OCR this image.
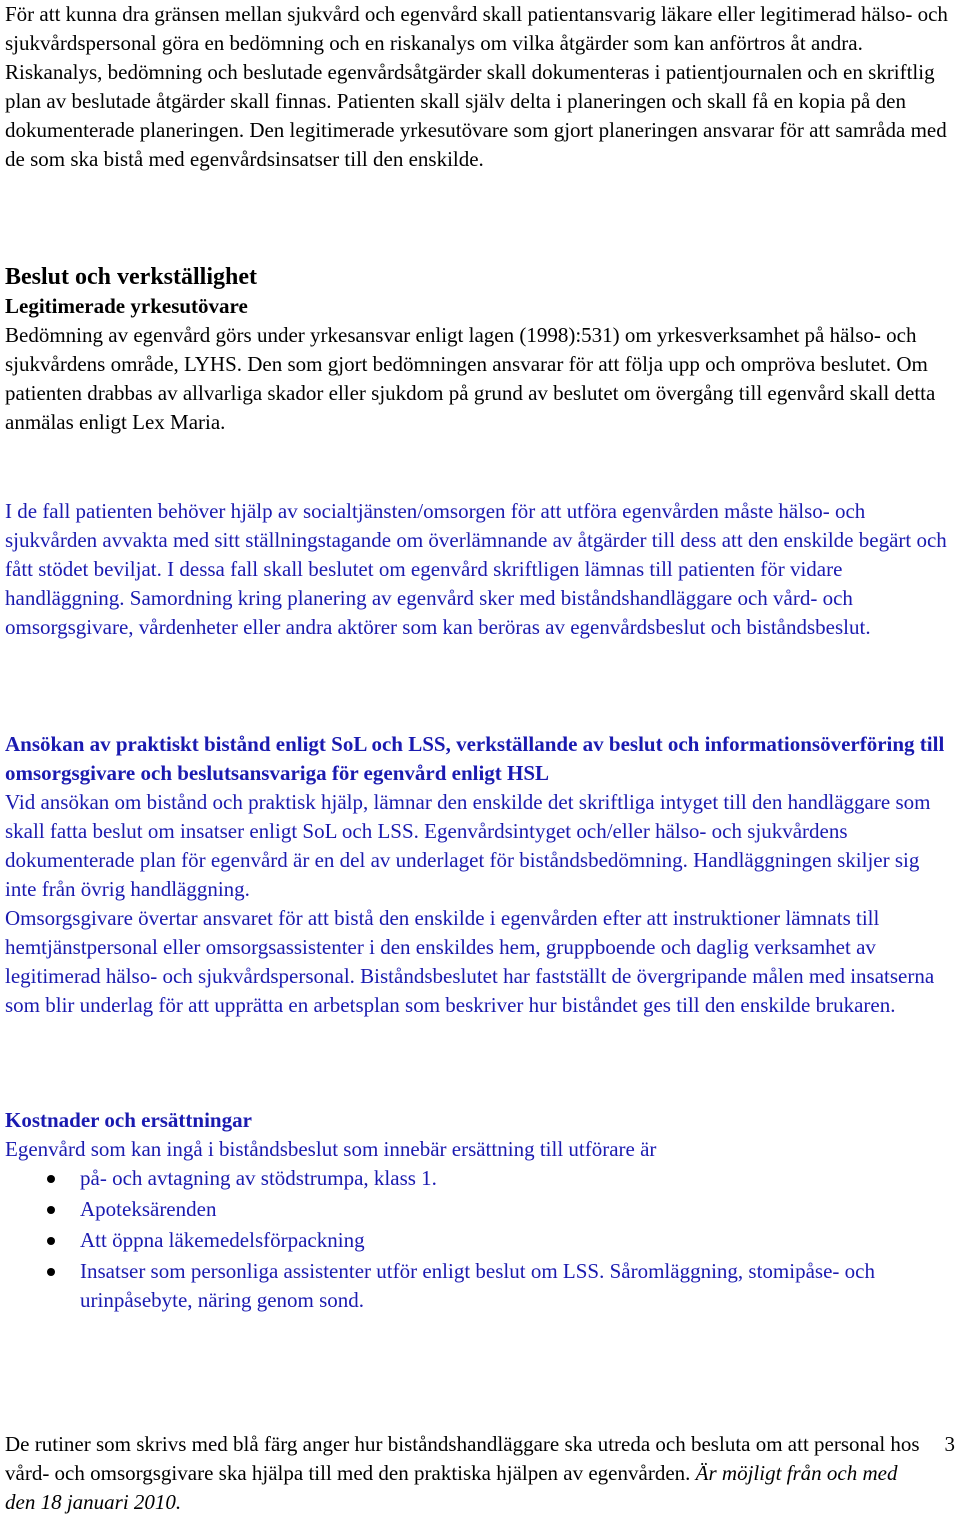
För att kunna dra gränsen mellan sjukvård och egenvård skall patientansvarig läkare eller legitimerad hälso- och sjukvårdspersonal göra en bedömning och en riskanalys om vilka åtgärder som kan anförtros åt andra. Riskanalys, bedömning och beslutade egenvårdsåtgärder skall dokumenteras i patientjournalen och en skriftlig plan av beslutade åtgärder skall finnas. Patienten skall själv delta i planeringen och skall få en kopia på den dokumenterade planeringen. Den legitimerade yrkesutövare som gjort planeringen ansvarar för att samråda med de som ska bistå med egenvårdsinsatser till den enskilde.

Beslut och verkställighet

Legitimerade yrkesutövare

Bedömning av egenvård görs under yrkesansvar enligt lagen (1998):531) om yrkesverksamhet på hälso- och sjukvårdens område, LYHS. Den som gjort bedömningen ansvarar för att följa upp och ompröva beslutet. Om patienten drabbas av allvarliga skador eller sjukdom på grund av beslutet om övergång till egenvård skall detta anmälas enligt Lex Maria.

I de fall patienten behöver hjälp av socialtjänsten/omsorgen för att utföra egenvården måste hälso- och sjukvården avvakta med sitt ställningstagande om överlämnande av åtgärder till dess att den enskilde begärt och fått stödet beviljat. I dessa fall skall beslutet om egenvård skriftligen lämnas till patienten för vidare handläggning. Samordning kring planering av egenvård sker med biståndshandläggare och vård- och omsorgsgivare, vårdenheter eller andra aktörer som kan beröras av egenvårdsbeslut och biståndsbeslut.

Ansökan av praktiskt bistånd enligt SoL och LSS, verkställande av beslut och informationsöverföring till omsorgsgivare och beslutsansvariga för egenvård enligt HSL

Vid ansökan om bistånd och praktisk hjälp, lämnar den enskilde det skriftliga intyget till den handläggare som skall fatta beslut om insatser enligt SoL och LSS. Egenvårdsintyget och/eller hälso- och sjukvårdens dokumenterade plan för egenvård är en del av underlaget för biståndsbedömning. Handläggningen skiljer sig inte från övrig handläggning.

Omsorgsgivare övertar ansvaret för att bistå den enskilde i egenvården efter att instruktioner lämnats till hemtjänstpersonal eller omsorgsassistenter i den enskildes hem, gruppboende och daglig verksamhet av legitimerad hälso- och sjukvårdspersonal. Biståndsbeslutet har fastställt de övergripande målen med insatserna som blir underlag för att upprätta en arbetsplan som beskriver hur biståndet ges till den enskilde brukaren.

Kostnader och ersättningar

Egenvård som kan ingå i biståndsbeslut som innebär ersättning till utförare är

på- och avtagning av stödstrumpa, klass 1.
Apoteksärenden
Att öppna läkemedelsförpackning
Insatser som personliga assistenter utför enligt beslut om LSS. Såromläggning, stomipåse- och urinpåsebyte, näring genom sond.

De rutiner som skrivs med blå färg anger hur biståndshandläggare ska utreda och besluta om att personal hos vård- och omsorgsgivare ska hjälpa till med den praktiska hjälpen av egenvården. Är möjligt från och med den 18 januari 2010.

3
